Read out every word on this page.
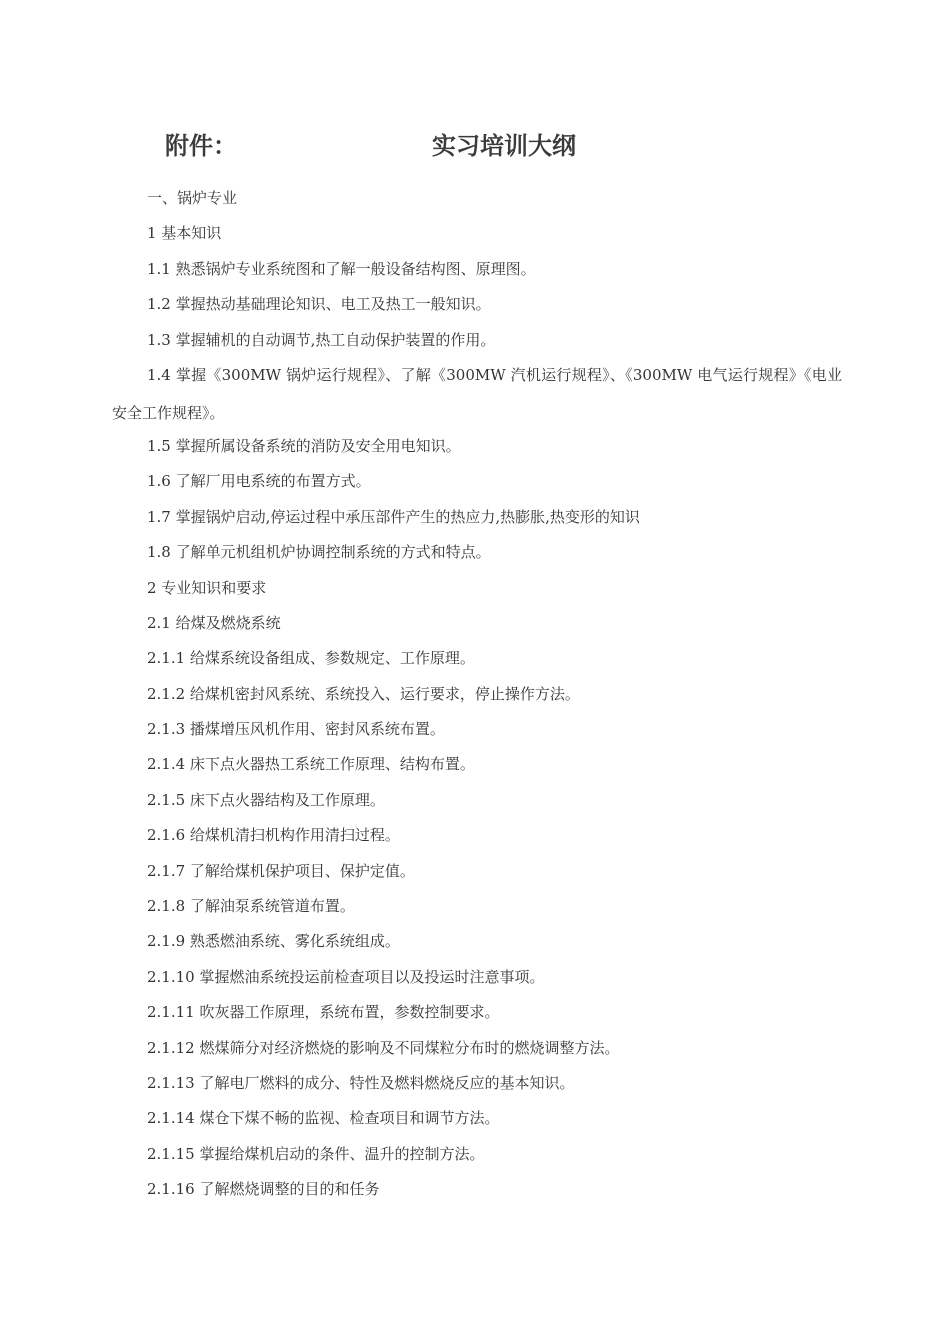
附件：	实习培训大纲
一、锅炉专业
1 基本知识
1.1 熟悉锅炉专业系统图和了解一般设备结构图、原理图。
1.2 掌握热动基础理论知识、电工及热工一般知识。
1.3 掌握辅机的自动调节,热工自动保护装置的作用。
1.4 掌握《300MW 锅炉运行规程》、了解《300MW 汽机运行规程》、《300MW 电气运行规程》《电业安全工作规程》。
1.5 掌握所属设备系统的消防及安全用电知识。
1.6 了解厂用电系统的布置方式。
1.7 掌握锅炉启动,停运过程中承压部件产生的热应力,热膨胀,热变形的知识
1.8 了解单元机组机炉协调控制系统的方式和特点。
2 专业知识和要求
2.1 给煤及燃烧系统
2.1.1 给煤系统设备组成、参数规定、工作原理。
2.1.2 给煤机密封风系统、系统投入、运行要求，停止操作方法。
2.1.3 播煤增压风机作用、密封风系统布置。
2.1.4 床下点火器热工系统工作原理、结构布置。
2.1.5 床下点火器结构及工作原理。
2.1.6 给煤机清扫机构作用清扫过程。
2.1.7 了解给煤机保护项目、保护定值。
2.1.8 了解油泵系统管道布置。
2.1.9 熟悉燃油系统、雾化系统组成。
2.1.10 掌握燃油系统投运前检查项目以及投运时注意事项。
2.1.11 吹灰器工作原理，系统布置，参数控制要求。
2.1.12 燃煤筛分对经济燃烧的影响及不同煤粒分布时的燃烧调整方法。
2.1.13 了解电厂燃料的成分、特性及燃料燃烧反应的基本知识。
2.1.14 煤仓下煤不畅的监视、检查项目和调节方法。
2.1.15 掌握给煤机启动的条件、温升的控制方法。
2.1.16 了解燃烧调整的目的和任务
